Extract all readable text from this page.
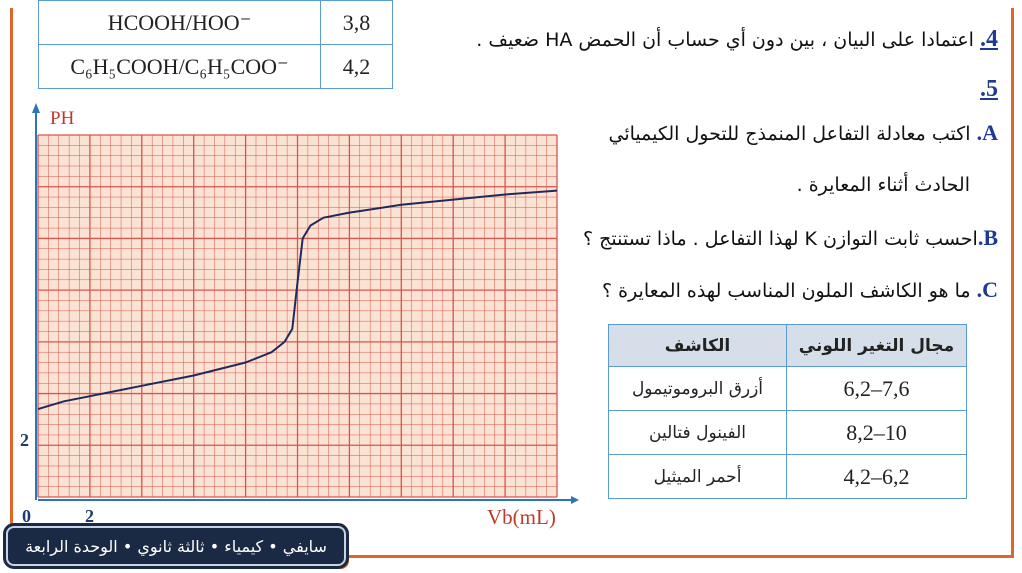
HCOOH/HOO⁻	3,8
C₆H₅COOH/C₆H₅COO⁻	4,2
PH
2
0	2	Vb(mL)
4. اعتمادا على البيان ، بين دون أي حساب أن الحمض HA ضعيف .
5.
A. اكتب معادلة التفاعل المنمذج للتحول الكيميائي
الحادث أثناء المعايرة .
B.احسب ثابت التوازن K لهذا التفاعل . ماذا تستنتج ؟
C. ما هو الكاشف الملون المناسب لهذه المعايرة ؟
مجال التغير اللوني	الكاشف
6,2–7,6	أزرق البروموتيمول
8,2–10	الفينول فتالين
4,2–6,2	أحمر الميثيل
سايفي • كيمياء • ثالثة ثانوي • الوحدة الرابعة
